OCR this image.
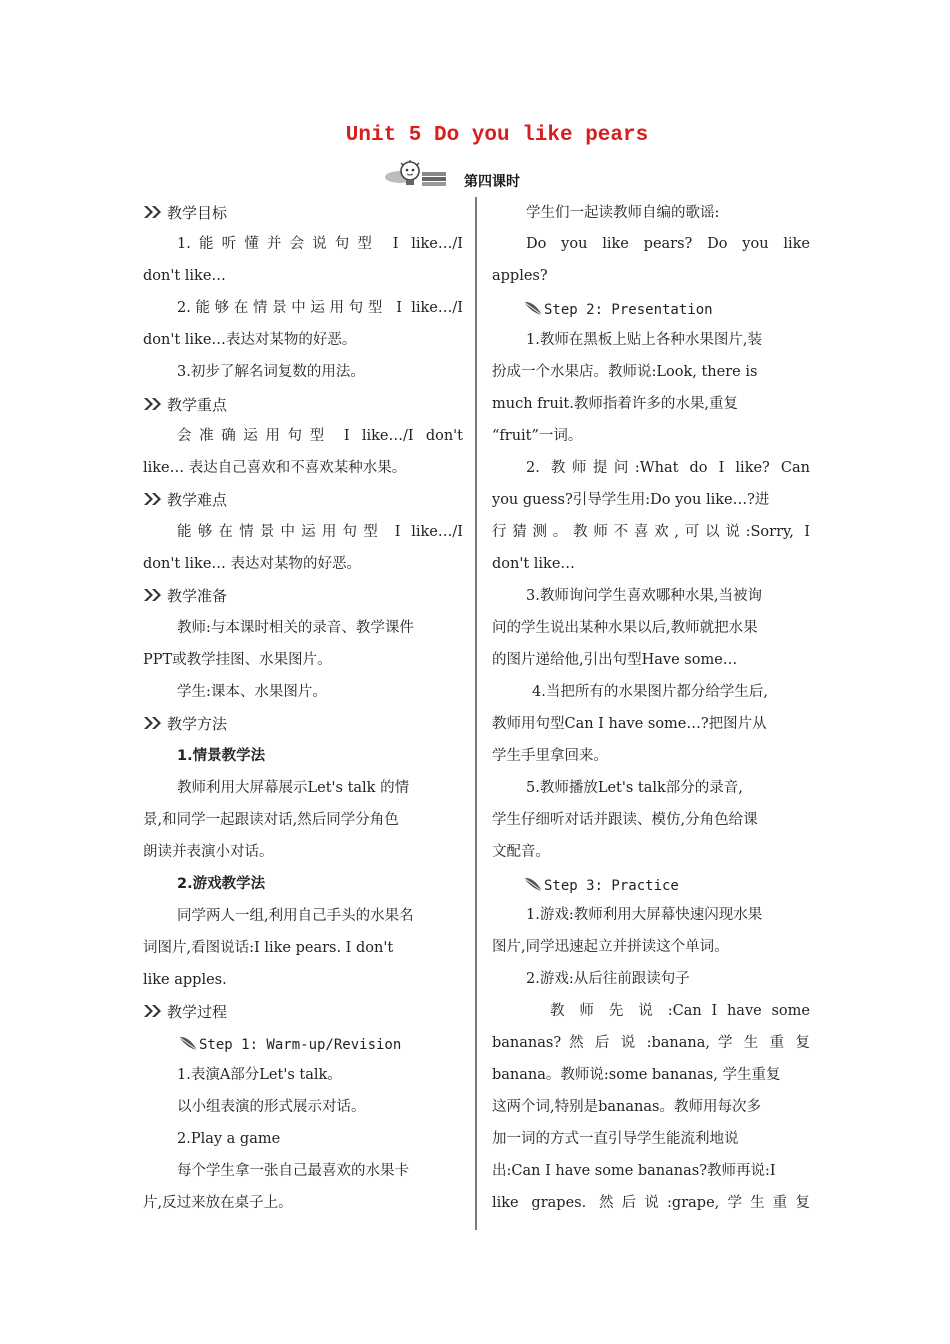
Unit 5 Do you like pears
第四课时
教学目标
1.能听懂并会说句型 I like…/I
don't like…
2.能够在情景中运用句型 I like…/I
don't like…表达对某物的好恶。
3.初步了解名词复数的用法。
教学重点
会准确运用句型 I like…/I don't
like… 表达自己喜欢和不喜欢某种水果。
教学难点
能够在情景中运用句型 I like…/I
don't like… 表达对某物的好恶。
教学准备
教师:与本课时相关的录音、教学课件
PPT或教学挂图、水果图片。
学生:课本、水果图片。
教学方法
1.情景教学法
教师利用大屏幕展示Let's talk 的情
景,和同学一起跟读对话,然后同学分角色
朗读并表演小对话。
2.游戏教学法
同学两人一组,利用自己手头的水果名
词图片,看图说话:I like pears. I don't
like apples.
教学过程
Step 1: Warm-up/Revision
1.表演A部分Let's talk。
以小组表演的形式展示对话。
2.Play a game
每个学生拿一张自己最喜欢的水果卡
片,反过来放在桌子上。
学生们一起读教师自编的歌谣:
Do you like pears? Do you like
apples?
Step 2: Presentation
1.教师在黑板上贴上各种水果图片,装
扮成一个水果店。教师说:Look, there is
much fruit.教师指着许多的水果,重复
“fruit”一词。
2. 教师提问:What do I like? Can
you guess?引导学生用:Do you like…?进
行猜测。教师不喜欢,可以说:Sorry, I
don't like…
3.教师询问学生喜欢哪种水果,当被询
问的学生说出某种水果以后,教师就把水果
的图片递给他,引出句型Have some…
4.当把所有的水果图片都分给学生后,
教师用句型Can I have some…?把图片从
学生手里拿回来。
5.教师播放Let's talk部分的录音,
学生仔细听对话并跟读、模仿,分角色给课
文配音。
Step 3: Practice
1.游戏:教师利用大屏幕快速闪现水果
图片,同学迅速起立并拼读这个单词。
2.游戏:从后往前跟读句子
教 师 先 说 :Can I have some
bananas? 然 后 说 :banana, 学 生 重 复
banana。教师说:some bananas, 学生重复
这两个词,特别是bananas。教师用每次多
加一词的方式一直引导学生能流利地说
出:Can I have some bananas?教师再说:I
like grapes. 然后说:grape,学生重复
